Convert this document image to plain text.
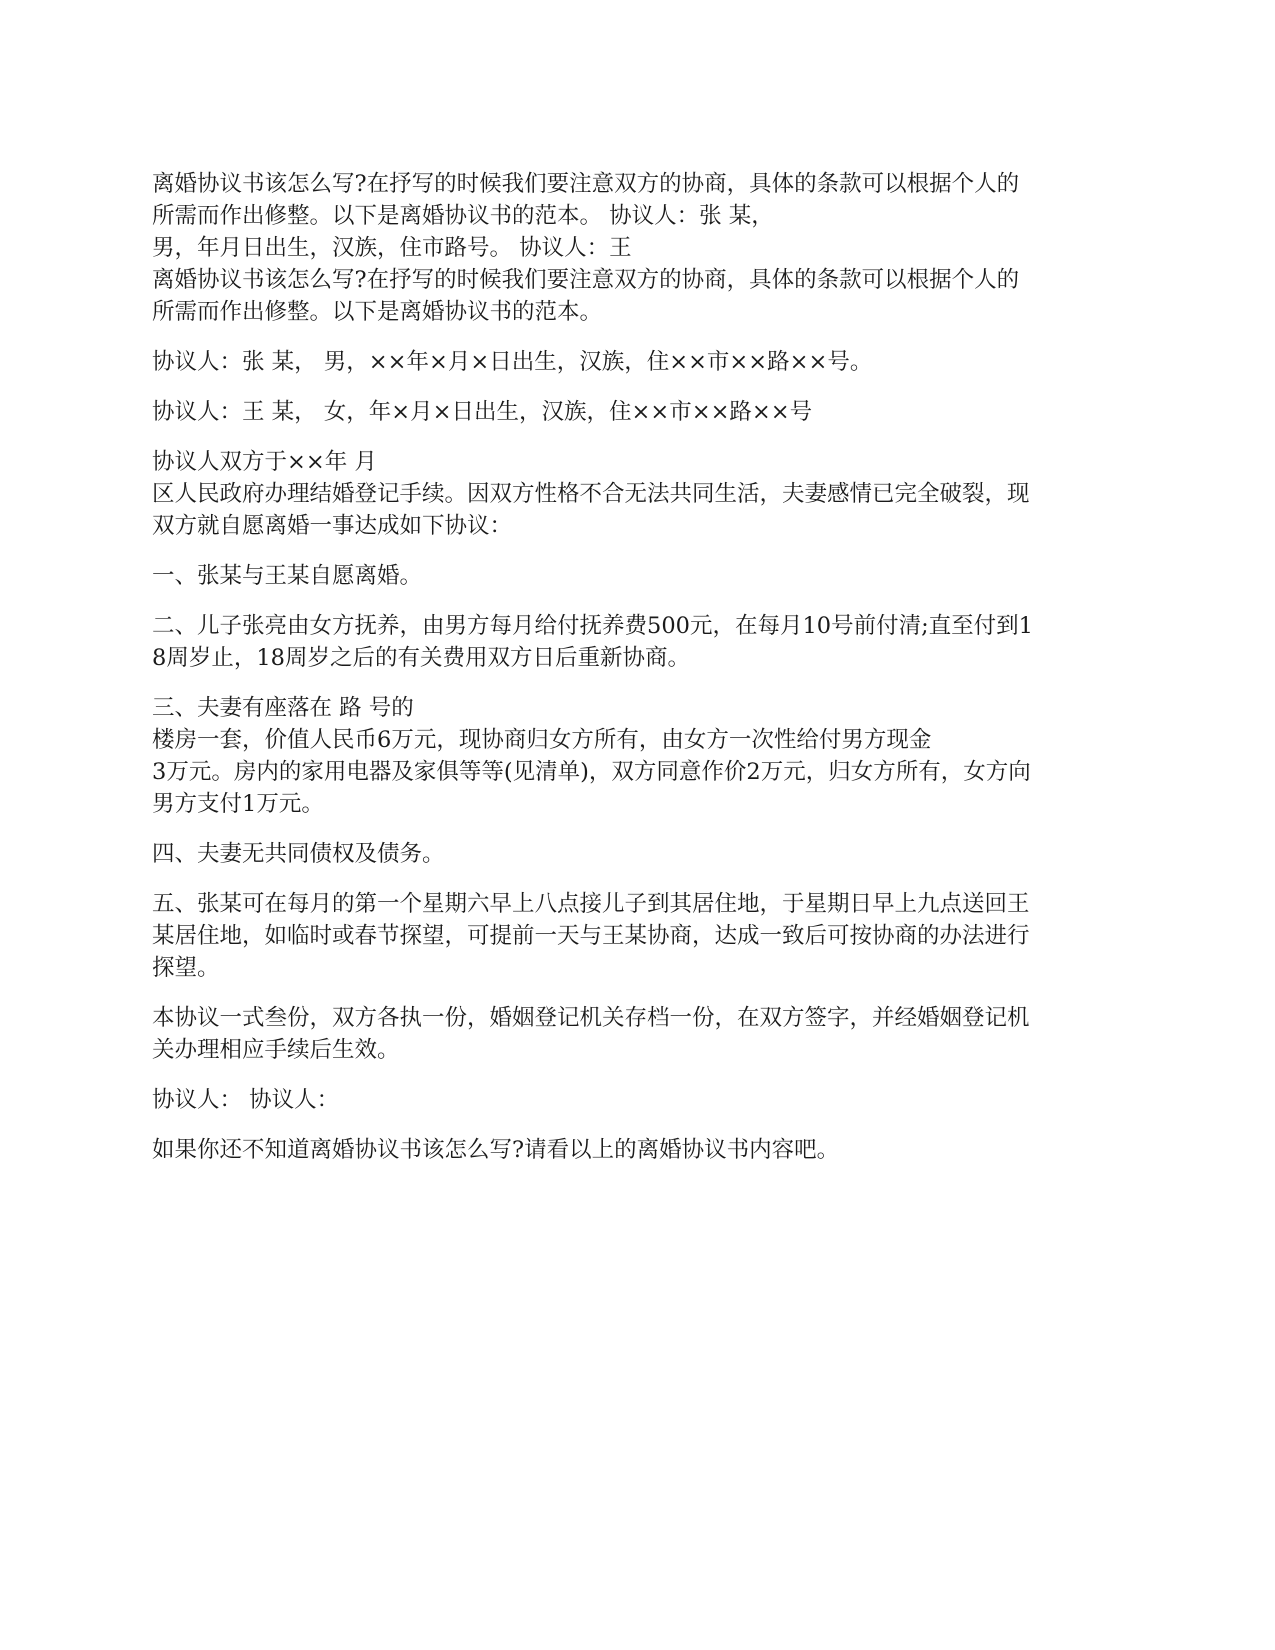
离婚协议书该怎么写?在抒写的时候我们要注意双方的协商，具体的条款可以根据个人的
所需而作出修整。以下是离婚协议书的范本。 协议人：张 某，
男，年月日出生，汉族，住市路号。 协议人：王
离婚协议书该怎么写?在抒写的时候我们要注意双方的协商，具体的条款可以根据个人的
所需而作出修整。以下是离婚协议书的范本。
协议人：张 某， 男，××年×月×日出生，汉族，住××市××路××号。
协议人：王 某， 女，年×月×日出生，汉族，住××市××路××号
协议人双方于××年 月
区人民政府办理结婚登记手续。因双方性格不合无法共同生活，夫妻感情已完全破裂，现
双方就自愿离婚一事达成如下协议：
一、张某与王某自愿离婚。
二、儿子张亮由女方抚养，由男方每月给付抚养费500元，在每月10号前付清;直至付到1
8周岁止，18周岁之后的有关费用双方日后重新协商。
三、夫妻有座落在 路 号的
楼房一套，价值人民币6万元，现协商归女方所有，由女方一次性给付男方现金
3万元。房内的家用电器及家俱等等(见清单)，双方同意作价2万元，归女方所有，女方向
男方支付1万元。
四、夫妻无共同债权及债务。
五、张某可在每月的第一个星期六早上八点接儿子到其居住地，于星期日早上九点送回王
某居住地，如临时或春节探望，可提前一天与王某协商，达成一致后可按协商的办法进行
探望。
本协议一式叁份，双方各执一份，婚姻登记机关存档一份，在双方签字，并经婚姻登记机
关办理相应手续后生效。
协议人： 协议人：
如果你还不知道离婚协议书该怎么写?请看以上的离婚协议书内容吧。
